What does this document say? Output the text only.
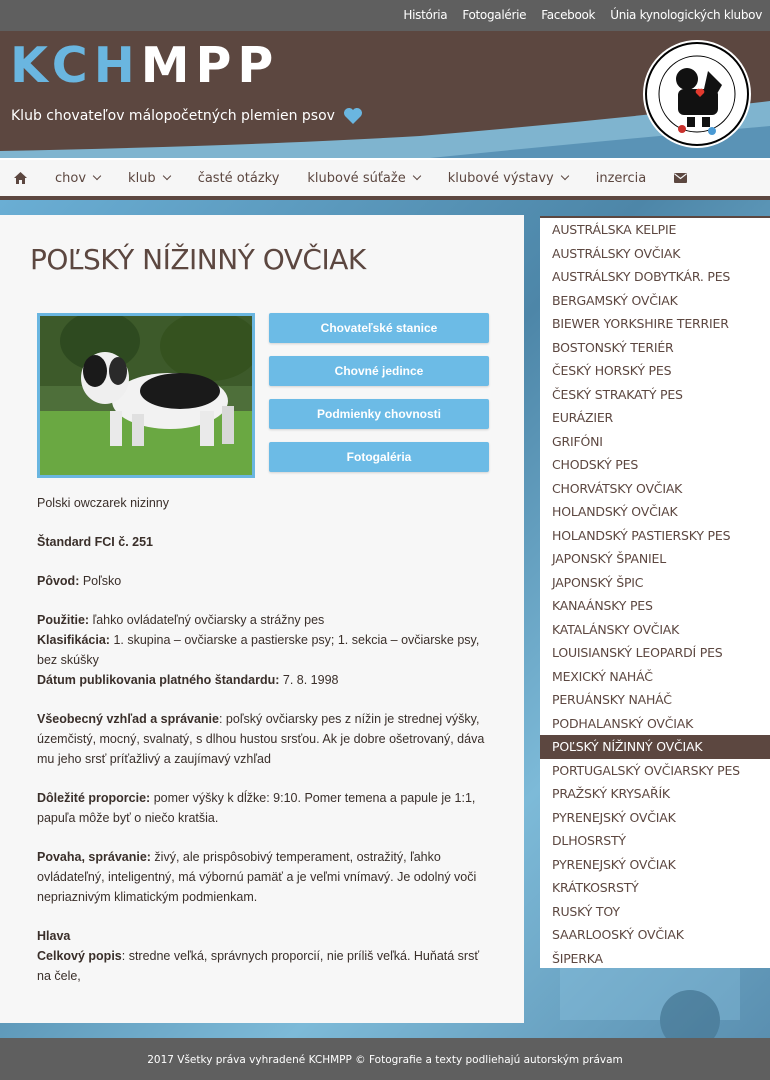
História Fotogalérie Facebook Únia kynologických klubov
KCHMPP
Klub chovateľov málopočetných plemien psov
chov	klub	časté otázky klubové súťaže	klubové výstavy	inzercia
POĽSKÝ NÍŽINNÝ OVČIAK
Chovateľské stanice
Chovné jedince
Podmienky chovnosti
Fotogaléria

Polski owczarek nizinny

Štandard FCI č. 251

Pôvod: Poľsko

Použitie: ľahko ovládateľný ovčiarsky a strážny pes
Klasifikácia: 1. skupina – ovčiarske a pastierske psy; 1. sekcia – ovčiarske psy, bez skúšky
Dátum publikovania platného štandardu: 7. 8. 1998

Všeobecný vzhľad a správanie: poľský ovčiarsky pes z nížin je strednej výšky, územčistý, mocný, svalnatý, s dlhou hustou srsťou. Ak je dobre ošetrovaný, dáva mu jeho srsť príťažlivý a zaujímavý vzhľad

Dôležité proporcie: pomer výšky k dĺžke: 9:10. Pomer temena a papule je 1:1, papuľa môže byť o niečo kratšia.

Povaha, správanie: živý, ale prispôsobivý temperament, ostražitý, ľahko ovládateľný, inteligentný, má výbornú pamäť a je veľmi vnímavý. Je odolný voči nepriaznivým klimatickým podmienkam.

Hlava
Celkový popis: stredne veľká, správnych proporcií, nie príliš veľká. Huňatá srsť na čele,

AUSTRÁLSKA KELPIE
AUSTRÁLSKY OVČIAK
AUSTRÁLSKY DOBYTKÁR. PES
BERGAMSKÝ OVČIAK
BIEWER YORKSHIRE TERRIER
BOSTONSKÝ TERIÉR
ČESKÝ HORSKÝ PES
ČESKÝ STRAKATÝ PES
EURÁZIER
GRIFÓNI
CHODSKÝ PES
CHORVÁTSKY OVČIAK
HOLANDSKÝ OVČIAK
HOLANDSKÝ PASTIERSKY PES
JAPONSKÝ ŠPANIEL
JAPONSKÝ ŠPIC
KANAÁNSKY PES
KATALÁNSKY OVČIAK
LOUISIANSKÝ LEOPARDÍ PES
MEXICKÝ NAHÁČ
PERUÁNSKY NAHÁČ
PODHALANSKÝ OVČIAK
POĽSKÝ NÍŽINNÝ OVČIAK
PORTUGALSKÝ OVČIARSKY PES
PRAŽSKÝ KRYSAŘÍK
PYRENEJSKÝ OVČIAK
DLHOSRSTÝ
PYRENEJSKÝ OVČIAK
KRÁTKOSRSTÝ
RUSKÝ TOY
SAARLOOSKÝ OVČIAK
ŠIPERKA
2017 Všetky práva vyhradené KCHMPP © Fotografie a texty podliehajú autorským právam
